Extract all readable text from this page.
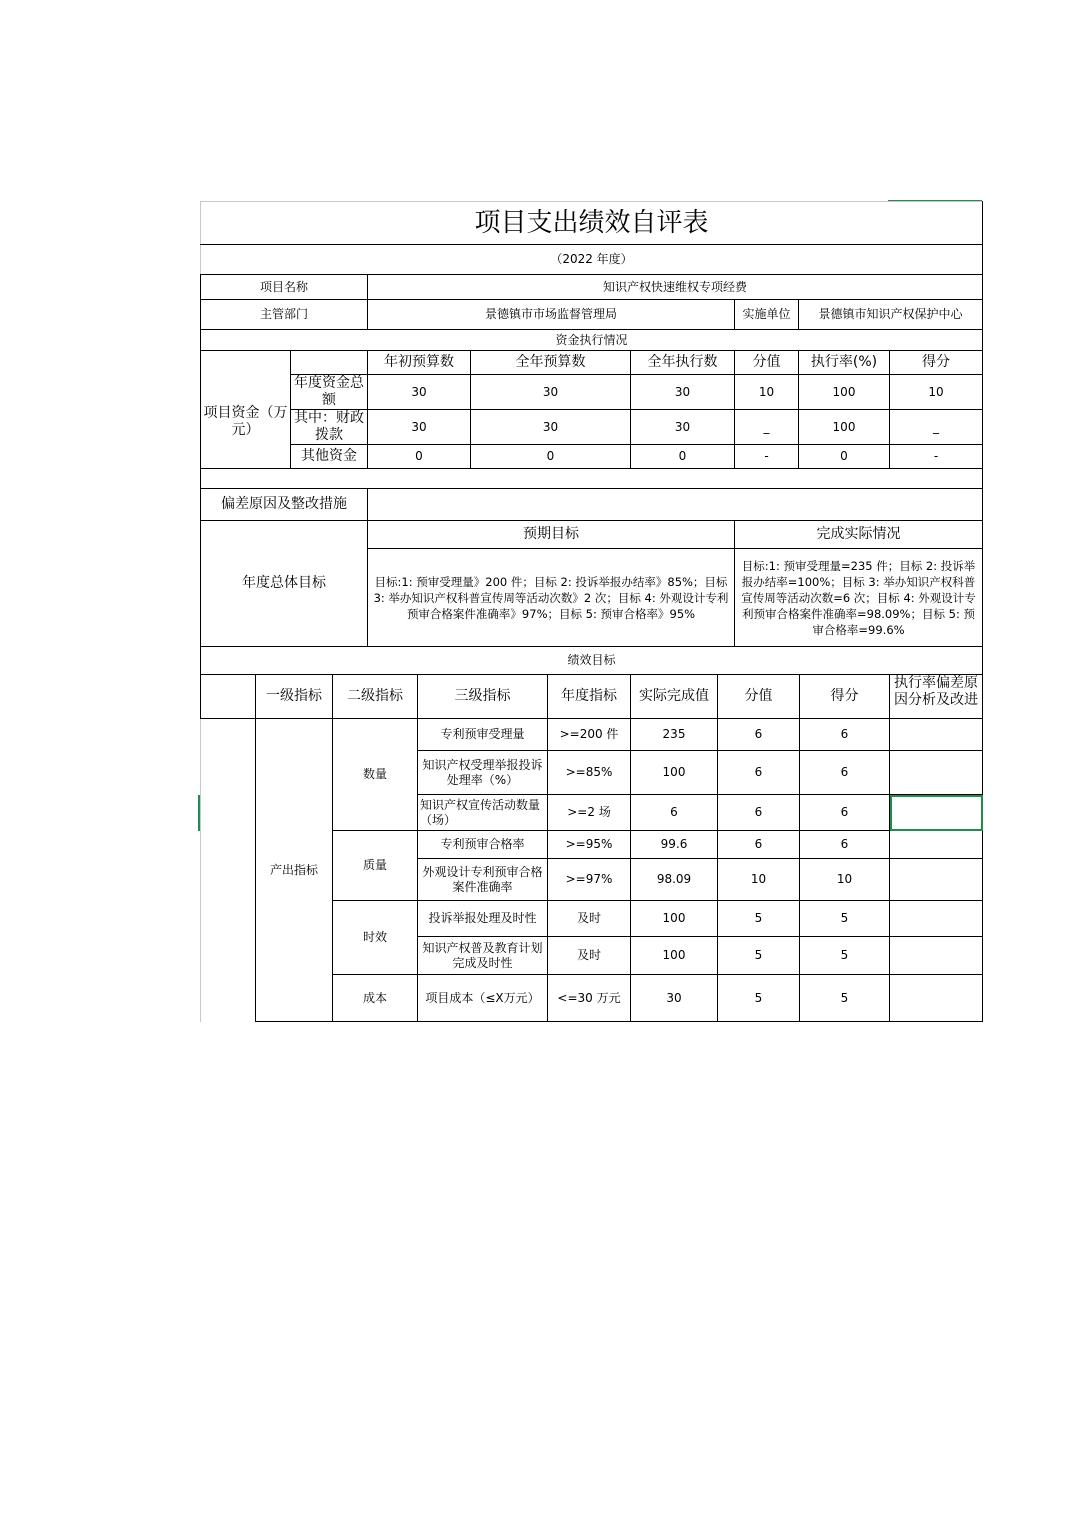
项目支出绩效自评表							
（2022 年度）							
项目名称		知识产权快速维权专项经费					
主管部门		景德镇市市场监督管理局			实施单位	景德镇市知识产权保护中心	
资金执行情况							
		年初预算数	全年预算数	全年执行数	分值	执行率(%)	得分
项目资金（万元）	年度资金总额	30	30	30	10	100	10

	其中：财政拨款	30	30	30	_	100	_
	其他资金	0	0	0	-	0	-

偏差原因及整改措施							
年度总体目标		预期目标			完成实际情况		
		目标:1: 预审受理量》200 件；目标 2: 投诉举报办结率》85%；目标 3: 举办知识产权科普宣传周等活动次数》2 次；目标 4: 外观设计专利预审合格案件准确率》97%；目标 5: 预审合格率》95%			目标:1: 预审受理量=235 件；目标 2: 投诉举报办结率=100%；目标 3: 举办知识产权科普宣传周等活动次数=6 次；目标 4: 外观设计专利预审合格案件准确率=98.09%；目标 5: 预审合格率=99.6%		
绩效目标							
	一级指标	二级指标	三级指标	年度指标	实际完成值	分值	得分	执行率偏差原因分析及改进

	产出指标	数量	专利预审受理量	>=200 件	235	6	6	
			知识产权受理举报投诉处理率（%）	>=85%	100	6	6	
			知识产权宣传活动数量（场）	>=2 场	6	6	6	
		质量	专利预审合格率	>=95%	99.6	6	6	
			外观设计专利预审合格案件准确率	>=97%	98.09	10	10	
		时效	投诉举报处理及时性	及时	100	5	5	
			知识产权普及教育计划完成及时性	及时	100	5	5	
		成本	项目成本（≤X万元）	<=30 万元	30	5	5	
